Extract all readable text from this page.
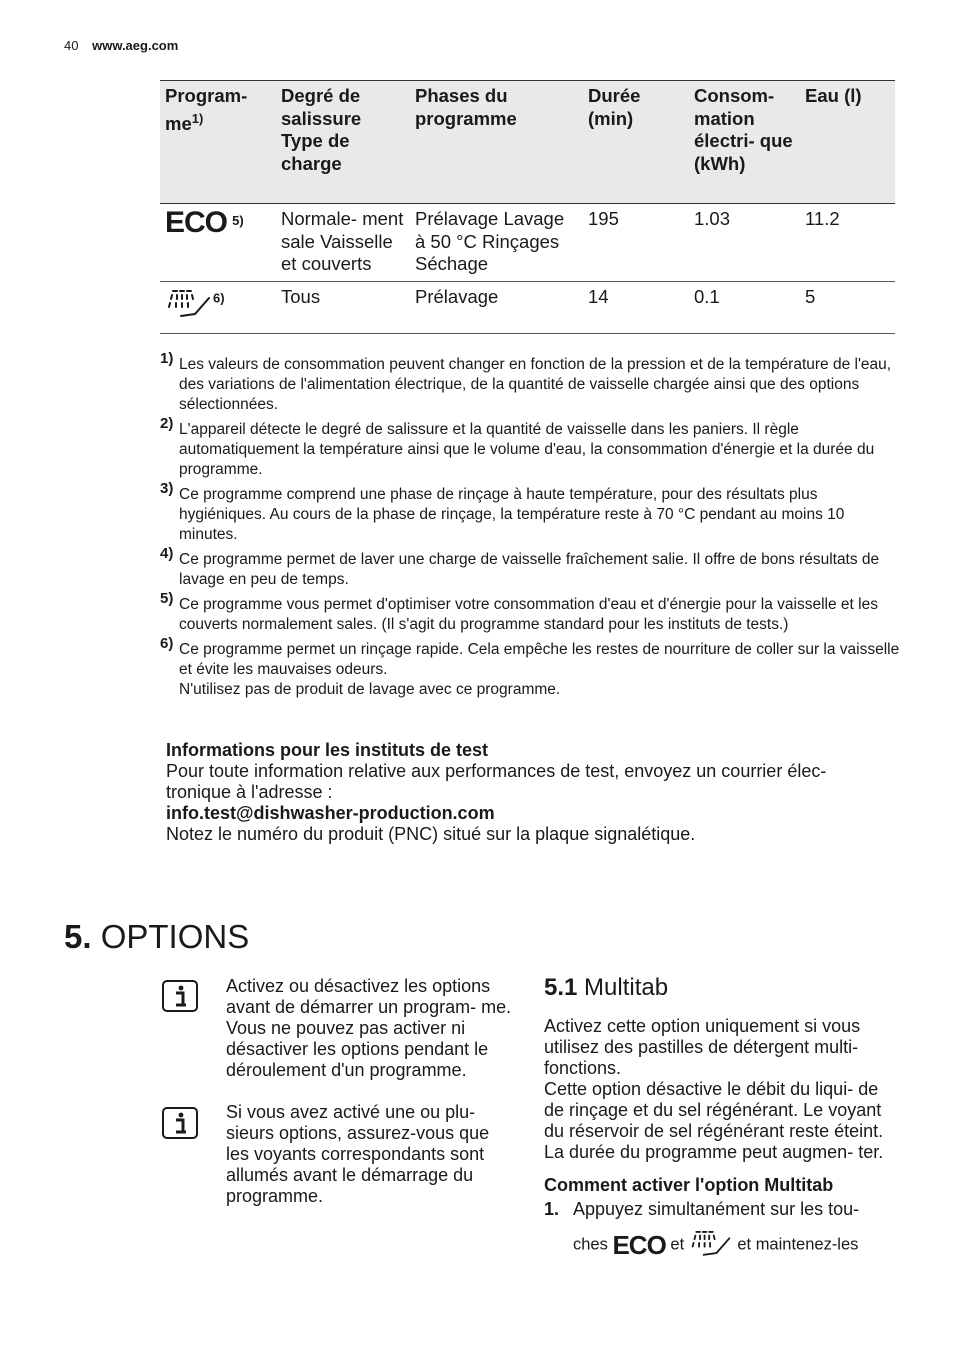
40 www.aeg.com
Program- $me^{1)}$	Degré de salissure Type de charge	Phases du programme	Durée (min)	Consom- mation électri- que (kWh)	Eau (l)
ECO $^{5)}$	Normale- ment sale Vaisselle et couverts	Prélavage Lavage à 50 °C Rinçages Séchage	195	1.03	11.2
$^{6)}$	Tous	Prélavage	14	0.1	5
1) Les valeurs de consommation peuvent changer en fonction de la pression et de la température de l'eau, des variations de l'alimentation électrique, de la quantité de vaisselle chargée ainsi que des options sélectionnées.
2) L'appareil détecte le degré de salissure et la quantité de vaisselle dans les paniers. Il règle automatiquement la température ainsi que le volume d'eau, la consommation d'énergie et la durée du programme.
3) Ce programme comprend une phase de rinçage à haute température, pour des résultats plus hygiéniques. Au cours de la phase de rinçage, la température reste à 70 °C pendant au moins 10 minutes.
4) Ce programme permet de laver une charge de vaisselle fraîchement salie. Il offre de bons résultats de lavage en peu de temps.
5) Ce programme vous permet d'optimiser votre consommation d'eau et d'énergie pour la vaisselle et les couverts normalement sales. (Il s'agit du programme standard pour les instituts de tests.)
6) Ce programme permet un rinçage rapide. Cela empêche les restes de nourriture de coller sur la vaisselle et évite les mauvaises odeurs.
N'utilisez pas de produit de lavage avec ce programme.
Informations pour les instituts de test
Pour toute information relative aux performances de test, envoyez un courrier élec- tronique à l'adresse :
info.test@dishwasher-production.com
Notez le numéro du produit (PNC) situé sur la plaque signalétique.
5. OPTIONS
Activez ou désactivez les options avant de démarrer un program- me. Vous ne pouvez pas activer ni désactiver les options pendant le déroulement d'un programme.
Si vous avez activé une ou plu- sieurs options, assurez-vous que les voyants correspondants sont allumés avant le démarrage du programme.
5.1 Multitab
Activez cette option uniquement si vous utilisez des pastilles de détergent multi- fonctions.
Cette option désactive le débit du liqui- de de rinçage et du sel régénérant. Le voyant du réservoir de sel régénérant reste éteint.
La durée du programme peut augmen- ter.
Comment activer l'option Multitab
1. Appuyez simultanément sur les tou-
ches ECO et	et maintenez-les
